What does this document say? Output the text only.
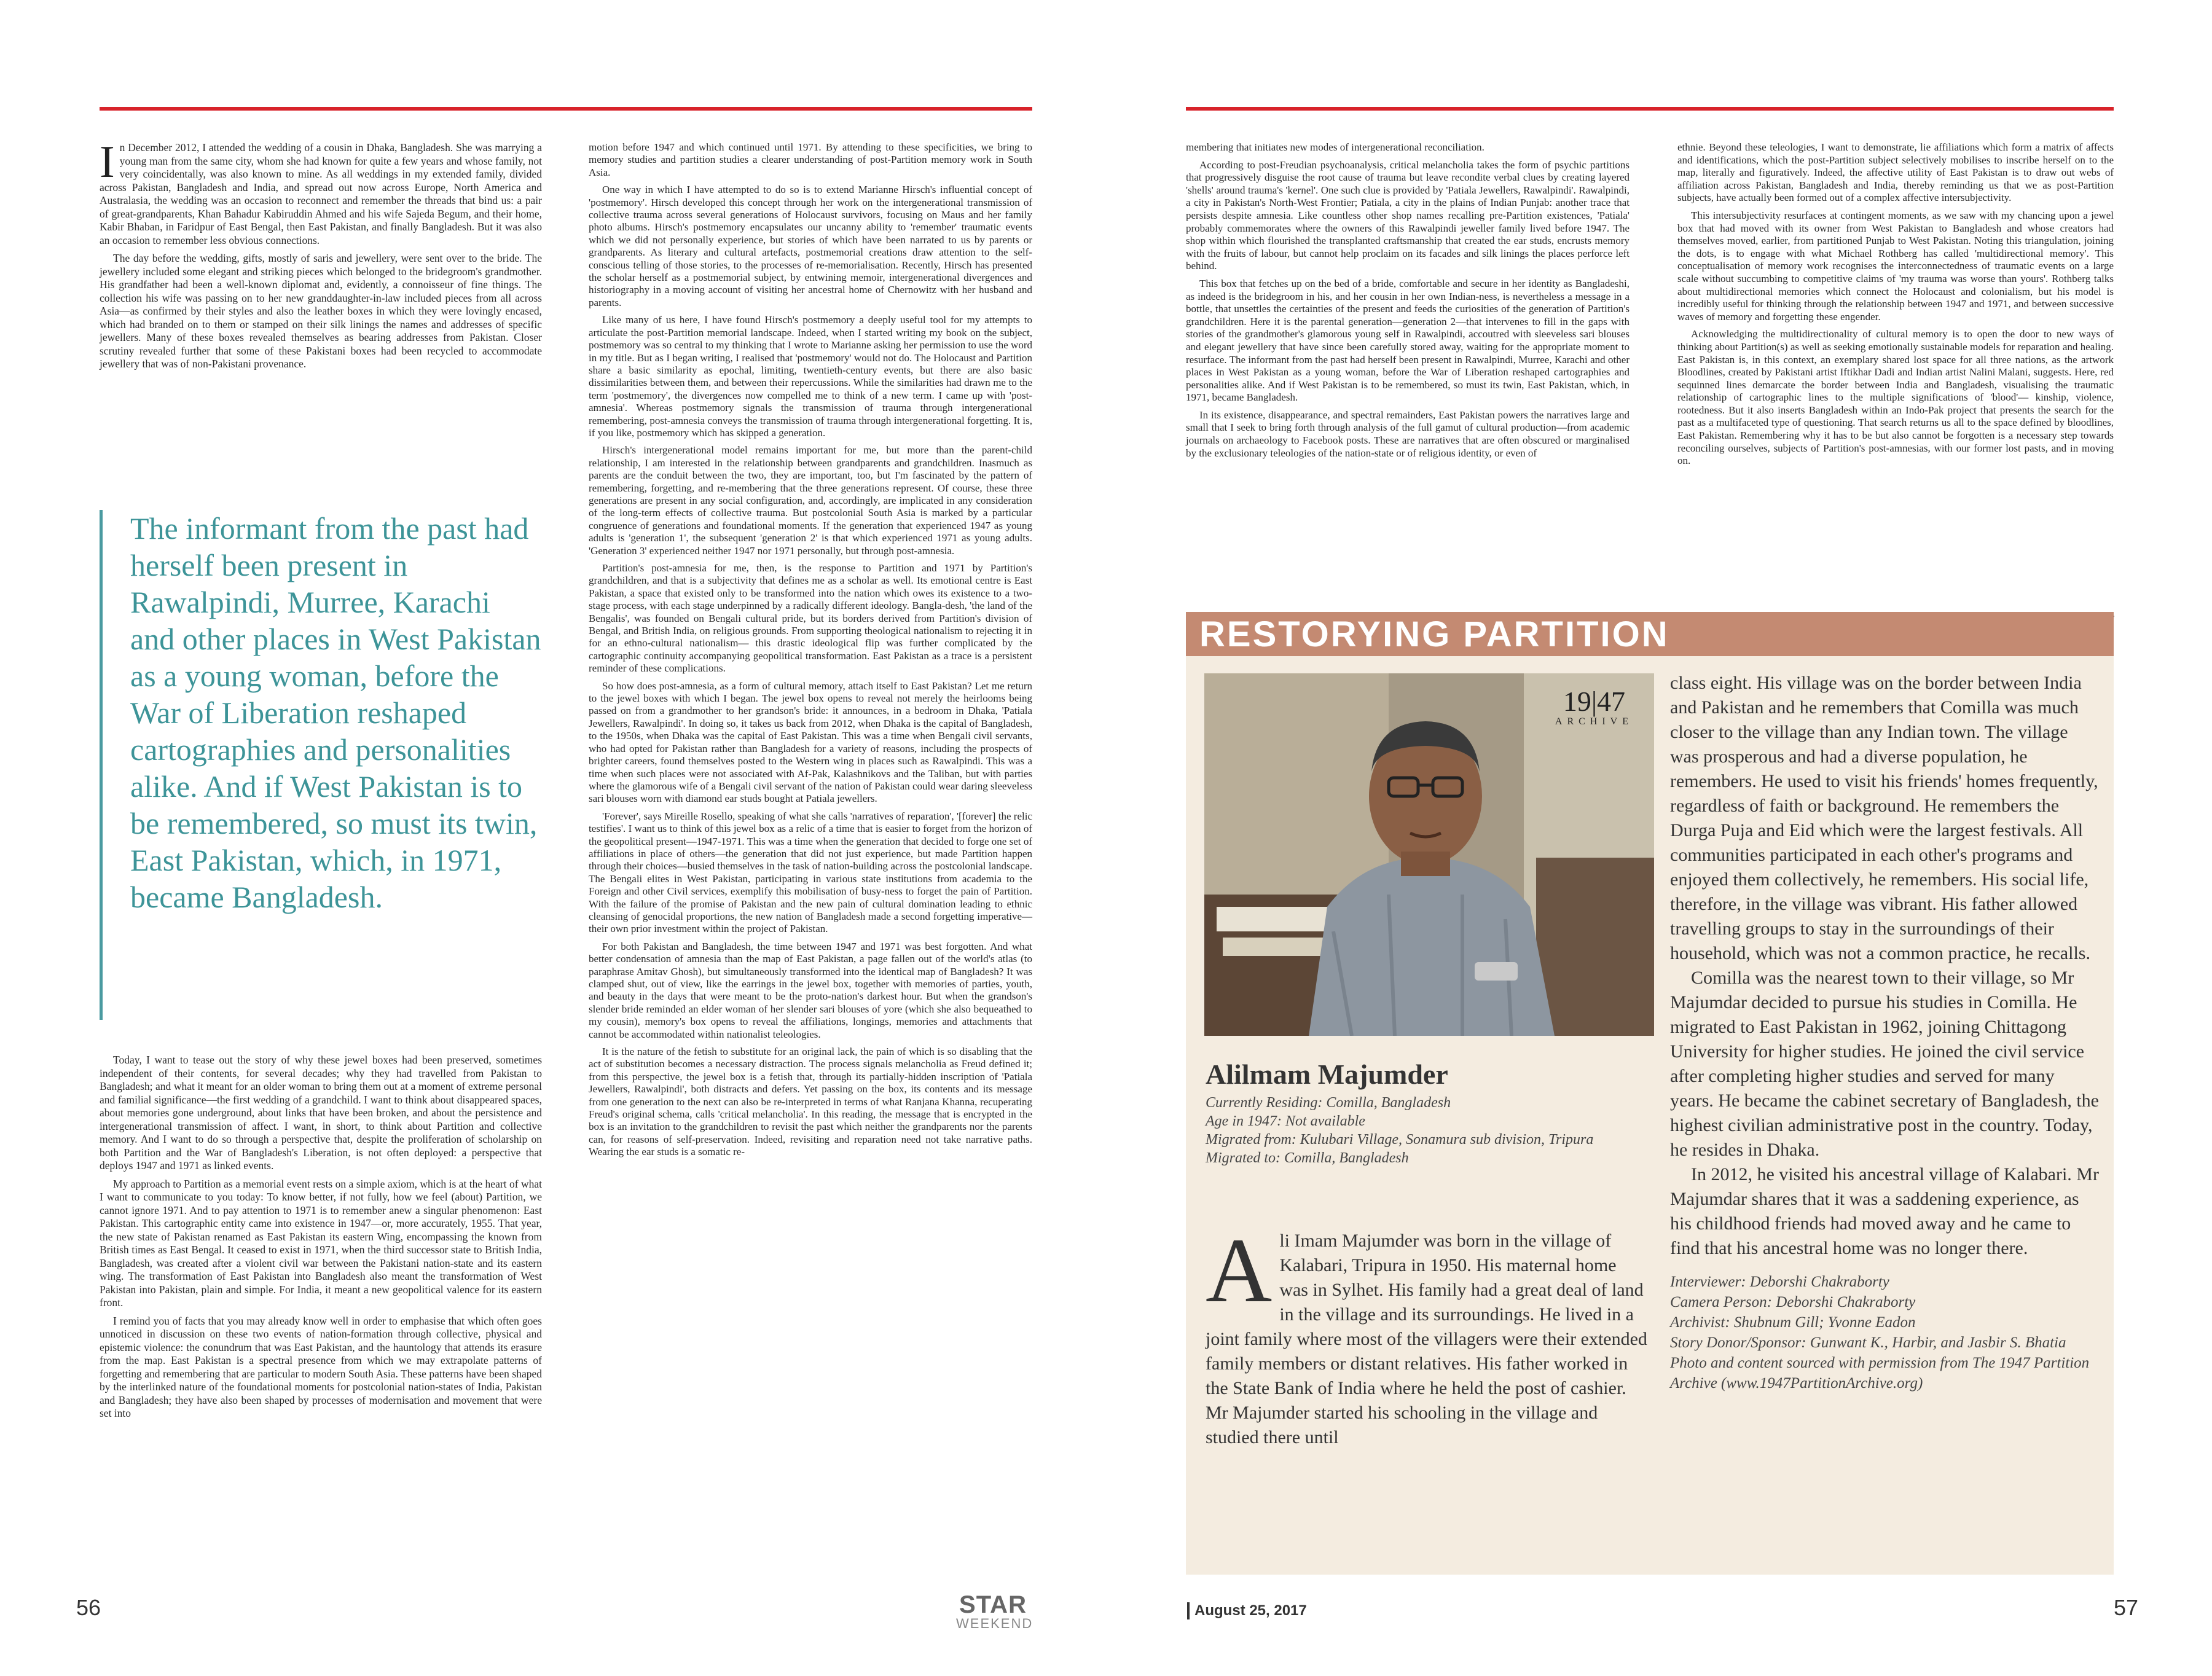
In December 2012, I attended the wedding of a cousin in Dhaka, Bangladesh. She was marrying a young man from the same city, whom she had known for quite a few years and whose family, not very coincidentally, was also known to mine. As all weddings in my extended family, divided across Pakistan, Bangladesh and India, and spread out now across Europe, North America and Australasia, the wedding was an occasion to reconnect and remember the threads that bind us: a pair of great-grandparents, Khan Bahadur Kabiruddin Ahmed and his wife Sajeda Begum, and their home, Kabir Bhaban, in Faridpur of East Bengal, then East Pakistan, and finally Bangladesh. But it was also an occasion to remember less obvious connections.

The day before the wedding, gifts, mostly of saris and jewellery, were sent over to the bride. The jewellery included some elegant and striking pieces which belonged to the bridegroom's grandmother. His grandfather had been a well-known diplomat and, evidently, a connoisseur of fine things. The collection his wife was passing on to her new granddaughter-in-law included pieces from all across Asia—as confirmed by their styles and also the leather boxes in which they were lovingly encased, which had branded on to them or stamped on their silk linings the names and addresses of specific jewellers. Many of these boxes revealed themselves as bearing addresses from Pakistan. Closer scrutiny revealed further that some of these Pakistani boxes had been recycled to accommodate jewellery that was of non-Pakistani provenance.

The informant from the past had herself been present in Rawalpindi, Murree, Karachi and other places in West Pakistan as a young woman, before the War of Liberation reshaped cartographies and personalities alike. And if West Pakistan is to be remembered, so must its twin, East Pakistan, which, in 1971, became Bangladesh.

Today, I want to tease out the story of why these jewel boxes had been preserved, sometimes independent of their contents, for several decades; why they had travelled from Pakistan to Bangladesh; and what it meant for an older woman to bring them out at a moment of extreme personal and familial significance—the first wedding of a grandchild. I want to think about disappeared spaces, about memories gone underground, about links that have been broken, and about the persistence and intergenerational transmission of affect. I want, in short, to think about Partition and collective memory. And I want to do so through a perspective that, despite the proliferation of scholarship on both Partition and the War of Bangladesh's Liberation, is not often deployed: a perspective that deploys 1947 and 1971 as linked events.

My approach to Partition as a memorial event rests on a simple axiom, which is at the heart of what I want to communicate to you today: To know better, if not fully, how we feel (about) Partition, we cannot ignore 1971. And to pay attention to 1971 is to remember anew a singular phenomenon: East Pakistan. This cartographic entity came into existence in 1947—or, more accurately, 1955. That year, the new state of Pakistan renamed as East Pakistan its eastern Wing, encompassing the known from British times as East Bengal. It ceased to exist in 1971, when the third successor state to British India, Bangladesh, was created after a violent civil war between the Pakistani nation-state and its eastern wing. The transformation of East Pakistan into Bangladesh also meant the transformation of West Pakistan into Pakistan, plain and simple. For India, it meant a new geopolitical valence for its eastern front.

I remind you of facts that you may already know well in order to emphasise that which often goes unnoticed in discussion on these two events of nation-formation through collective, physical and epistemic violence: the conundrum that was East Pakistan, and the hauntology that attends its erasure from the map. East Pakistan is a spectral presence from which we may extrapolate patterns of forgetting and remembering that are particular to modern South Asia. These patterns have been shaped by the interlinked nature of the foundational moments for postcolonial nation-states of India, Pakistan and Bangladesh; they have also been shaped by processes of modernisation and movement that were set into

motion before 1947 and which continued until 1971. By attending to these specificities, we bring to memory studies and partition studies a clearer understanding of post-Partition memory work in South Asia.

One way in which I have attempted to do so is to extend Marianne Hirsch's influential concept of 'postmemory'. Hirsch developed this concept through her work on the intergenerational transmission of collective trauma across several generations of Holocaust survivors, focusing on Maus and her family photo albums. Hirsch's postmemory encapsulates our uncanny ability to 'remember' traumatic events which we did not personally experience, but stories of which have been narrated to us by parents or grandparents. As literary and cultural artefacts, postmemorial creations draw attention to the self-conscious telling of those stories, to the processes of re-memorialisation. Recently, Hirsch has presented the scholar herself as a postmemorial subject, by entwining memoir, intergenerational divergences and historiography in a moving account of visiting her ancestral home of Chernowitz with her husband and parents.

Like many of us here, I have found Hirsch's postmemory a deeply useful tool for my attempts to articulate the post-Partition memorial landscape. Indeed, when I started writing my book on the subject, postmemory was so central to my thinking that I wrote to Marianne asking her permission to use the word in my title. But as I began writing, I realised that 'postmemory' would not do. The Holocaust and Partition share a basic similarity as epochal, limiting, twentieth-century events, but there are also basic dissimilarities between them, and between their repercussions. While the similarities had drawn me to the term 'postmemory', the divergences now compelled me to think of a new term. I came up with 'post-amnesia'. Whereas postmemory signals the transmission of trauma through intergenerational remembering, post-amnesia conveys the transmission of trauma through intergenerational forgetting. It is, if you like, postmemory which has skipped a generation.

Hirsch's intergenerational model remains important for me, but more than the parent-child relationship, I am interested in the relationship between grandparents and grandchildren. Inasmuch as parents are the conduit between the two, they are important, too, but I'm fascinated by the pattern of remembering, forgetting, and re-membering that the three generations represent. Of course, these three generations are present in any social configuration, and, accordingly, are implicated in any consideration of the long-term effects of collective trauma. But postcolonial South Asia is marked by a particular congruence of generations and foundational moments. If the generation that experienced 1947 as young adults is 'generation 1', the subsequent 'generation 2' is that which experienced 1971 as young adults. 'Generation 3' experienced neither 1947 nor 1971 personally, but through post-amnesia.

Partition's post-amnesia for me, then, is the response to Partition and 1971 by Partition's grandchildren, and that is a subjectivity that defines me as a scholar as well. Its emotional centre is East Pakistan, a space that existed only to be transformed into the nation which owes its existence to a two-stage process, with each stage underpinned by a radically different ideology. Bangla-desh, 'the land of the Bengalis', was founded on Bengali cultural pride, but its borders derived from Partition's division of Bengal, and British India, on religious grounds. From supporting theological nationalism to rejecting it in for an ethno-cultural nationalism— this drastic ideological flip was further complicated by the cartographic continuity accompanying geopolitical transformation. East Pakistan as a trace is a persistent reminder of these complications.

So how does post-amnesia, as a form of cultural memory, attach itself to East Pakistan? Let me return to the jewel boxes with which I began. The jewel box opens to reveal not merely the heirlooms being passed on from a grandmother to her grandson's bride: it announces, in a bedroom in Dhaka, 'Patiala Jewellers, Rawalpindi'. In doing so, it takes us back from 2012, when Dhaka is the capital of Bangladesh, to the 1950s, when Dhaka was the capital of East Pakistan. This was a time when Bengali civil servants, who had opted for Pakistan rather than Bangladesh for a variety of reasons, including the prospects of brighter careers, found themselves posted to the Western wing in places such as Rawalpindi. This was a time when such places were not associated with Af-Pak, Kalashnikovs and the Taliban, but with parties where the glamorous wife of a Bengali civil servant of the nation of Pakistan could wear daring sleeveless sari blouses worn with diamond ear studs bought at Patiala jewellers.

'Forever', says Mireille Rosello, speaking of what she calls 'narratives of reparation', '[forever] the relic testifies'. I want us to think of this jewel box as a relic of a time that is easier to forget from the horizon of the geopolitical present—1947-1971. This was a time when the generation that decided to forge one set of affiliations in place of others—the generation that did not just experience, but made Partition happen through their choices—busied themselves in the task of nation-building across the postcolonial landscape. The Bengali elites in West Pakistan, participating in various state institutions from academia to the Foreign and other Civil services, exemplify this mobilisation of busy-ness to forget the pain of Partition. With the failure of the promise of Pakistan and the new pain of cultural domination leading to ethnic cleansing of genocidal proportions, the new nation of Bangladesh made a second forgetting imperative—their own prior investment within the project of Pakistan.

For both Pakistan and Bangladesh, the time between 1947 and 1971 was best forgotten. And what better condensation of amnesia than the map of East Pakistan, a page fallen out of the world's atlas (to paraphrase Amitav Ghosh), but simultaneously transformed into the identical map of Bangladesh? It was clamped shut, out of view, like the earrings in the jewel box, together with memories of parties, youth, and beauty in the days that were meant to be the proto-nation's darkest hour. But when the grandson's slender bride reminded an elder woman of her slender sari blouses of yore (which she also bequeathed to my cousin), memory's box opens to reveal the affiliations, longings, memories and attachments that cannot be accommodated within nationalist teleologies.

It is the nature of the fetish to substitute for an original lack, the pain of which is so disabling that the act of substitution becomes a necessary distraction. The process signals melancholia as Freud defined it; from this perspective, the jewel box is a fetish that, through its partially-hidden inscription of 'Patiala Jewellers, Rawalpindi', both distracts and defers. Yet passing on the box, its contents and its message from one generation to the next can also be re-interpreted in terms of what Ranjana Khanna, recuperating Freud's original schema, calls 'critical melancholia'. In this reading, the message that is encrypted in the box is an invitation to the grandchildren to revisit the past which neither the grandparents nor the parents can, for reasons of self-preservation. Indeed, revisiting and reparation need not take narrative paths. Wearing the ear studs is a somatic re-

56	STAR
WEEKEND

membering that initiates new modes of intergenerational reconciliation.

According to post-Freudian psychoanalysis, critical melancholia takes the form of psychic partitions that progressively disguise the root cause of trauma but leave recondite verbal clues by creating layered 'shells' around trauma's 'kernel'. One such clue is provided by 'Patiala Jewellers, Rawalpindi'. Rawalpindi, a city in Pakistan's North-West Frontier; Patiala, a city in the plains of Indian Punjab: another trace that persists despite amnesia. Like countless other shop names recalling pre-Partition existences, 'Patiala' probably commemorates where the owners of this Rawalpindi jeweller family lived before 1947. The shop within which flourished the transplanted craftsmanship that created the ear studs, encrusts memory with the fruits of labour, but cannot help proclaim on its facades and silk linings the places perforce left behind.

This box that fetches up on the bed of a bride, comfortable and secure in her identity as Bangladeshi, as indeed is the bridegroom in his, and her cousin in her own Indian-ness, is nevertheless a message in a bottle, that unsettles the certainties of the present and feeds the curiosities of the generation of Partition's grandchildren. Here it is the parental generation—generation 2—that intervenes to fill in the gaps with stories of the grandmother's glamorous young self in Rawalpindi, accoutred with sleeveless sari blouses and elegant jewellery that have since been carefully stored away, waiting for the appropriate moment to resurface. The informant from the past had herself been present in Rawalpindi, Murree, Karachi and other places in West Pakistan as a young woman, before the War of Liberation reshaped cartographies and personalities alike. And if West Pakistan is to be remembered, so must its twin, East Pakistan, which, in 1971, became Bangladesh.

In its existence, disappearance, and spectral remainders, East Pakistan powers the narratives large and small that I seek to bring forth through analysis of the full gamut of cultural production—from academic journals on archaeology to Facebook posts. These are narratives that are often obscured or marginalised by the exclusionary teleologies of the nation-state or of religious identity, or even of

ethnie. Beyond these teleologies, I want to demonstrate, lie affiliations which form a matrix of affects and identifications, which the post-Partition subject selectively mobilises to inscribe herself on to the map, literally and figuratively. Indeed, the affective utility of East Pakistan is to draw out webs of affiliation across Pakistan, Bangladesh and India, thereby reminding us that we as post-Partition subjects, have actually been formed out of a complex affective intersubjectivity.

This intersubjectivity resurfaces at contingent moments, as we saw with my chancing upon a jewel box that had moved with its owner from West Pakistan to Bangladesh and whose creators had themselves moved, earlier, from partitioned Punjab to West Pakistan. Noting this triangulation, joining the dots, is to engage with what Michael Rothberg has called 'multidirectional memory'. This conceptualisation of memory work recognises the interconnectedness of traumatic events on a large scale without succumbing to competitive claims of 'my trauma was worse than yours'. Rothberg talks about multidirectional memories which connect the Holocaust and colonialism, but his model is incredibly useful for thinking through the relationship between 1947 and 1971, and between successive waves of memory and forgetting these engender.

Acknowledging the multidirectionality of cultural memory is to open the door to new ways of thinking about Partition(s) as well as seeking emotionally sustainable models for reparation and healing. East Pakistan is, in this context, an exemplary shared lost space for all three nations, as the artwork Bloodlines, created by Pakistani artist Iftikhar Dadi and Indian artist Nalini Malani, suggests. Here, red sequinned lines demarcate the border between India and Bangladesh, visualising the traumatic relationship of cartographic lines to the multiple significations of 'blood'— kinship, violence, rootedness. But it also inserts Bangladesh within an Indo-Pak project that presents the search for the past as a multifaceted type of questioning. That search returns us all to the space defined by bloodlines, East Pakistan. Remembering why it has to be but also cannot be forgotten is a necessary step towards reconciling ourselves, subjects of Partition's post-amnesias, with our former lost pasts, and in moving on.

RESTORYING PARTITION
19|47
ARCHIVE
Alilmam Majumder
Currently Residing: Comilla, Bangladesh
Age in 1947: Not available
Migrated from: Kulubari Village, Sonamura sub division, Tripura
Migrated to: Comilla, Bangladesh

Ali Imam Majumder was born in the village of Kalabari, Tripura in 1950. His maternal home was in Sylhet. His family had a great deal of land in the village and its surroundings. He lived in a joint family where most of the villagers were their extended family members or distant relatives. His father worked in the State Bank of India where he held the post of cashier. Mr Majumder started his schooling in the village and studied there until

class eight. His village was on the border between India and Pakistan and he remembers that Comilla was much closer to the village than any Indian town. The village was prosperous and had a diverse population, he remembers. He used to visit his friends' homes frequently, regardless of faith or background. He remembers the Durga Puja and Eid which were the largest festivals. All communities participated in each other's programs and enjoyed them collectively, he remembers. His social life, therefore, in the village was vibrant. His father allowed travelling groups to stay in the surroundings of their household, which was not a common practice, he recalls.

Comilla was the nearest town to their village, so Mr Majumdar decided to pursue his studies in Comilla. He migrated to East Pakistan in 1962, joining Chittagong University for higher studies. He joined the civil service after completing higher studies and served for many years. He became the cabinet secretary of Bangladesh, the highest civilian administrative post in the country. Today, he resides in Dhaka.

In 2012, he visited his ancestral village of Kalabari. Mr Majumdar shares that it was a saddening experience, as his childhood friends had moved away and he came to find that his ancestral home was no longer there.

Interviewer: Deborshi Chakraborty
Camera Person: Deborshi Chakraborty
Archivist: Shubnum Gill; Yvonne Eadon
Story Donor/Sponsor: Gunwant K., Harbir, and Jasbir S. Bhatia
Photo and content sourced with permission from The 1947 Partition Archive (www.1947PartitionArchive.org)
August 25, 2017	57
